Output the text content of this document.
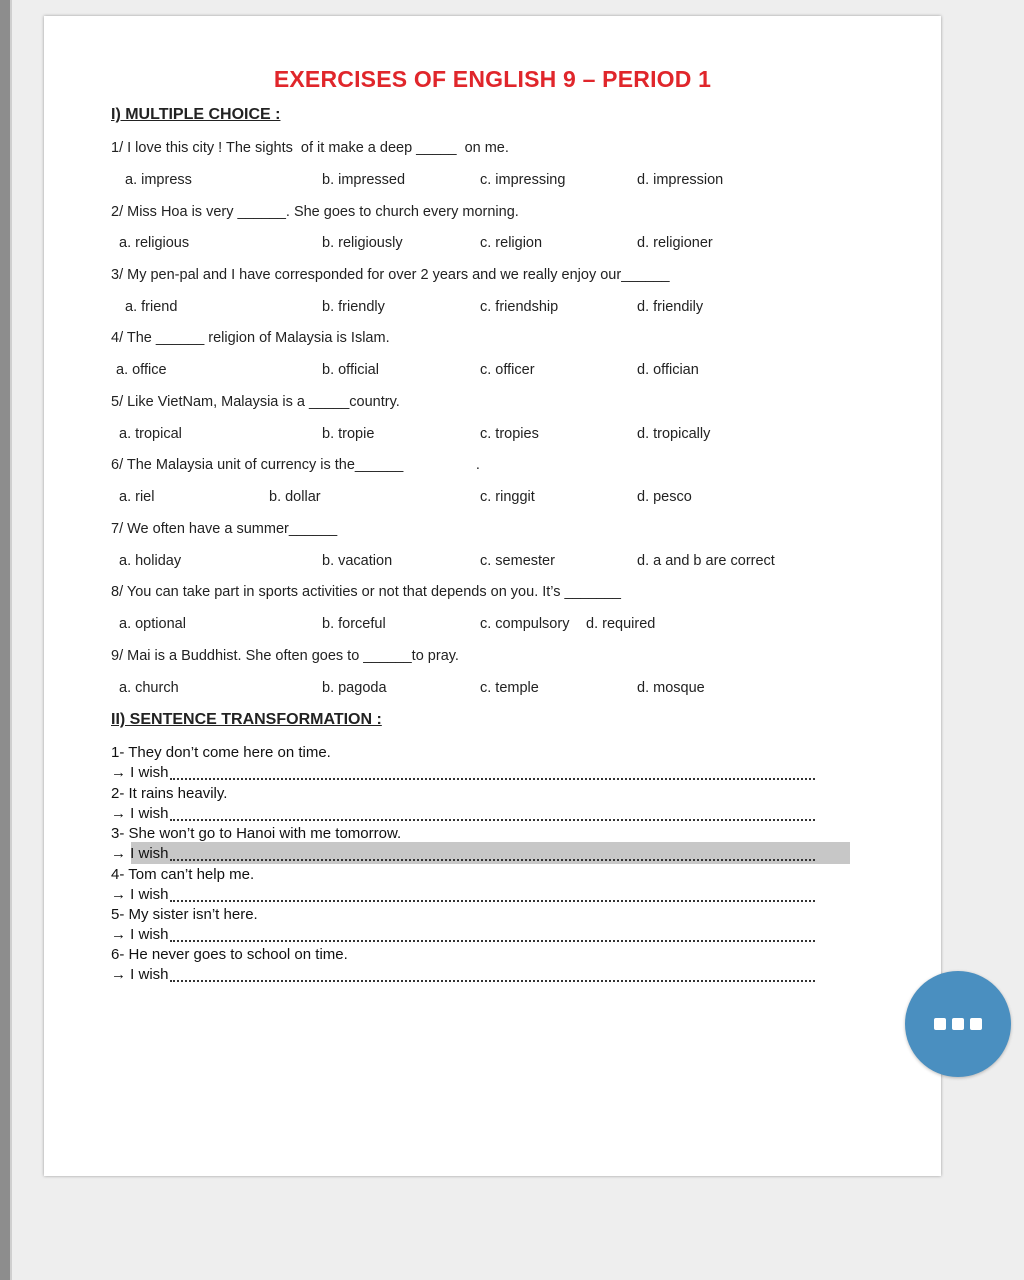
EXERCISES OF ENGLISH 9 – PERIOD 1
I) MULTIPLE CHOICE :
1/ I love this city ! The sights  of it make a deep _____  on me.
a. impress	b. impressed	c. impressing	d. impression
2/ Miss Hoa is very ______. She goes to church every morning.
a. religious	b. religiously	c. religion	d. religioner
3/ My pen-pal and I have corresponded for over 2 years and we really enjoy our______
a. friend	b. friendly	c. friendship	d. friendily
4/ The ______ religion of Malaysia is Islam.
a. office	b. official	c. officer	d. offician
5/ Like VietNam, Malaysia is a _____country.
a. tropical	b. tropie	c. tropies	d. tropically
6/ The Malaysia unit of currency is the______                  .
a. riel	b. dollar	c. ringgit	d. pesco
7/ We often have a summer______
a. holiday	b. vacation	c. semester	d. a and b are correct
8/ You can take part in sports activities or not that depends on you. It’s _______
a. optional	b. forceful	c. compulsory d. required
9/ Mai is a Buddhist. She often goes to ______to pray.
a. church	b. pagoda	c. temple	d. mosque
II) SENTENCE TRANSFORMATION :
1- They don’t come here on time.
→ I wish
2- It rains heavily.
→ I wish
3- She won’t go to Hanoi with me tomorrow.
→ I wish
4- Tom can’t help me.
→ I wish
5- My sister isn’t here.
→ I wish
6- He never goes to school on time.
→ I wish
